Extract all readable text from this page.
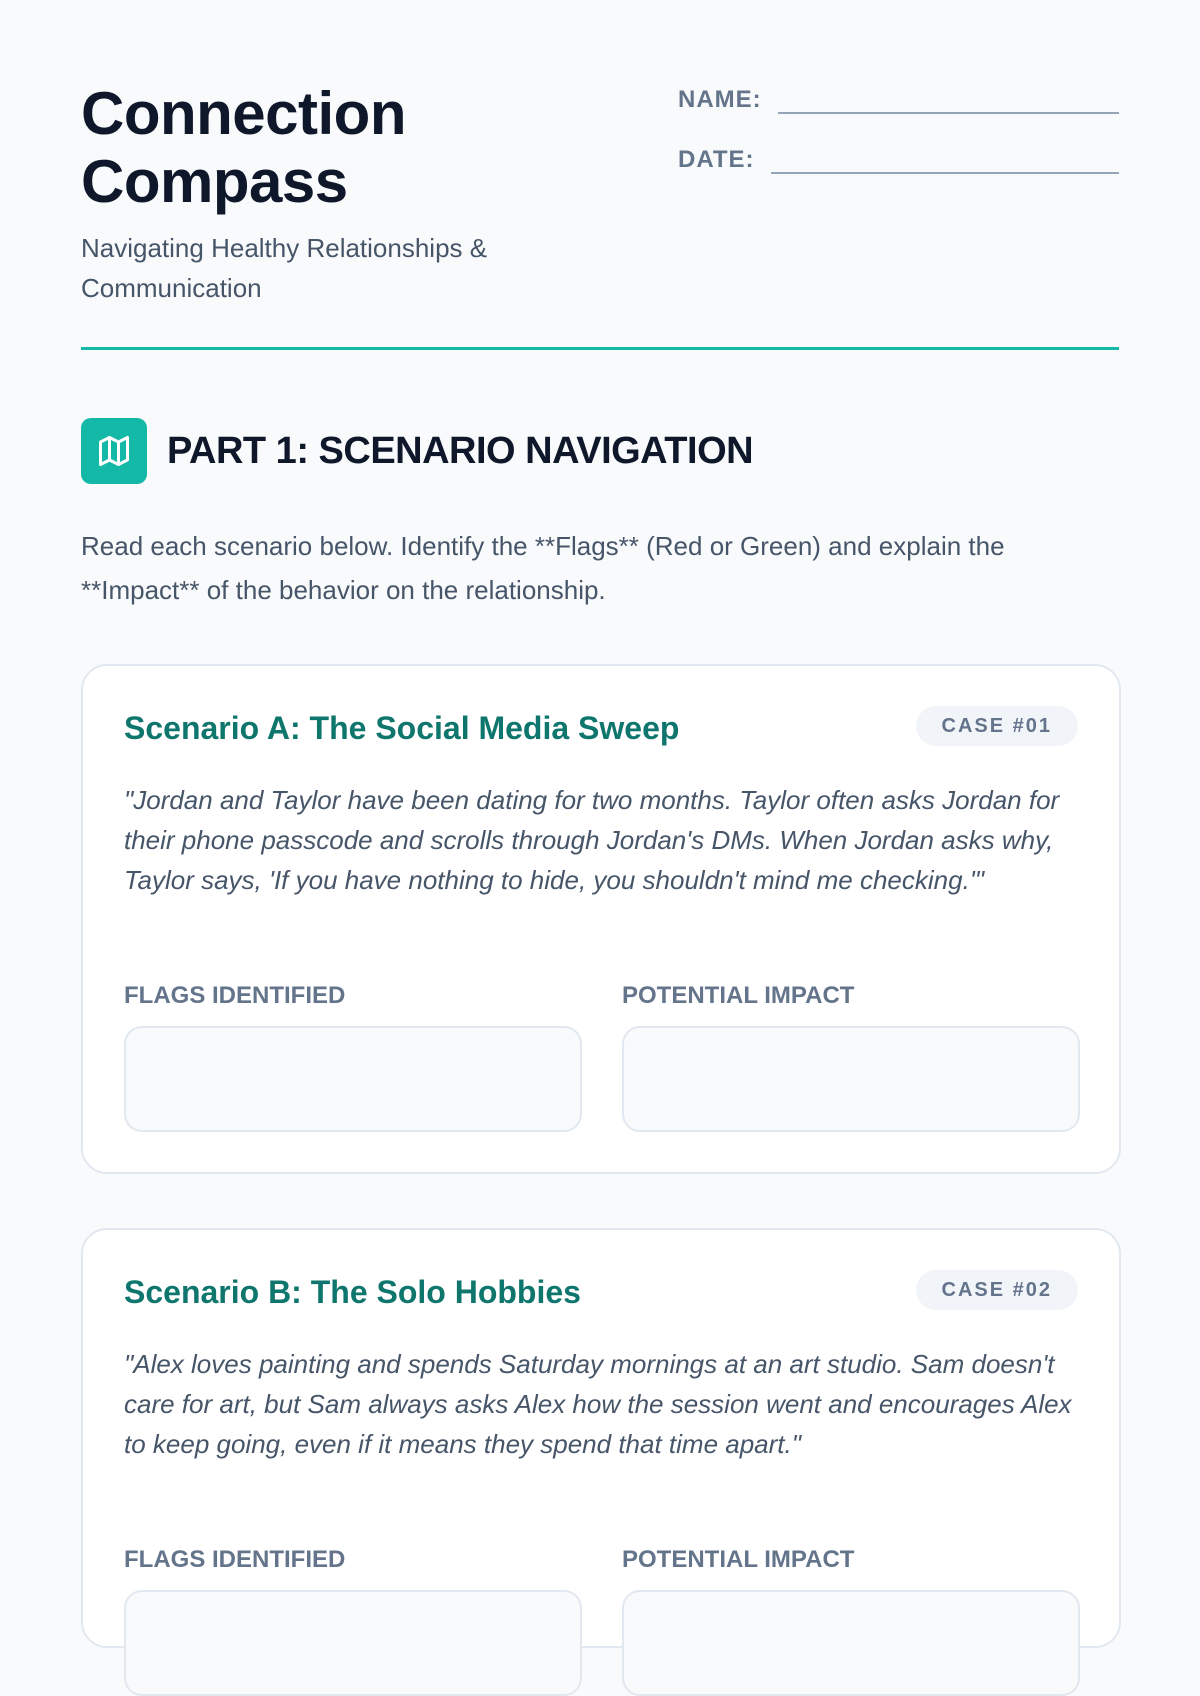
Connection
Compass
Navigating Healthy Relationships & Communication
NAME:
DATE:
PART 1: SCENARIO NAVIGATION
Read each scenario below. Identify the **Flags** (Red or Green) and explain the **Impact** of the behavior on the relationship.
Scenario A: The Social Media Sweep	CASE #01
"Jordan and Taylor have been dating for two months. Taylor often asks Jordan for their phone passcode and scrolls through Jordan's DMs. When Jordan asks why, Taylor says, 'If you have nothing to hide, you shouldn't mind me checking.'"
FLAGS IDENTIFIED	POTENTIAL IMPACT
Scenario B: The Solo Hobbies	CASE #02
"Alex loves painting and spends Saturday mornings at an art studio. Sam doesn't care for art, but Sam always asks Alex how the session went and encourages Alex to keep going, even if it means they spend that time apart."
FLAGS IDENTIFIED	POTENTIAL IMPACT
